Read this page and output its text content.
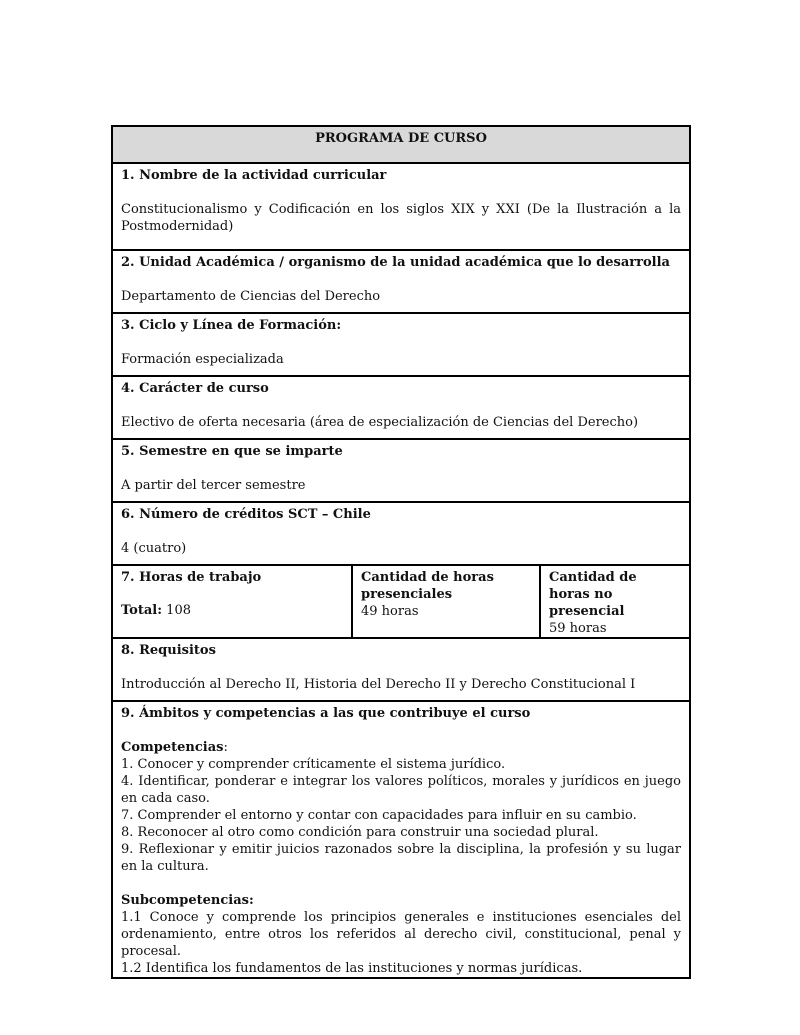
PROGRAMA DE CURSO

1. Nombre de la actividad curricular
Constitucionalismo y Codificación en los siglos XIX y XXI (De la Ilustración a la Postmodernidad)

2. Unidad Académica / organismo de la unidad académica que lo desarrolla
Departamento de Ciencias del Derecho

3. Ciclo y Línea de Formación:
Formación especializada

4. Carácter de curso
Electivo de oferta necesaria (área de especialización de Ciencias del Derecho)

5. Semestre en que se imparte
A partir del tercer semestre

6. Número de créditos SCT – Chile
4 (cuatro)

7. Horas de trabajo
Total: 108

Cantidad de horas presenciales
49 horas	
Cantidad de horas no presencial
59 horas

8. Requisitos
Introducción al Derecho II, Historia del Derecho II y Derecho Constitucional I

9. Ámbitos y competencias a las que contribuye el curso
Competencias:
1. Conocer y comprender críticamente el sistema jurídico.
4. Identificar, ponderar e integrar los valores políticos, morales y jurídicos en juego en cada caso.
7. Comprender el entorno y contar con capacidades para influir en su cambio.
8. Reconocer al otro como condición para construir una sociedad plural.
9. Reflexionar y emitir juicios razonados sobre la disciplina, la profesión y su lugar en la cultura.
Subcompetencias:
1.1 Conoce y comprende los principios generales e instituciones esenciales del ordenamiento, entre otros los referidos al derecho civil, constitucional, penal y procesal.
1.2 Identifica los fundamentos de las instituciones y normas jurídicas.
